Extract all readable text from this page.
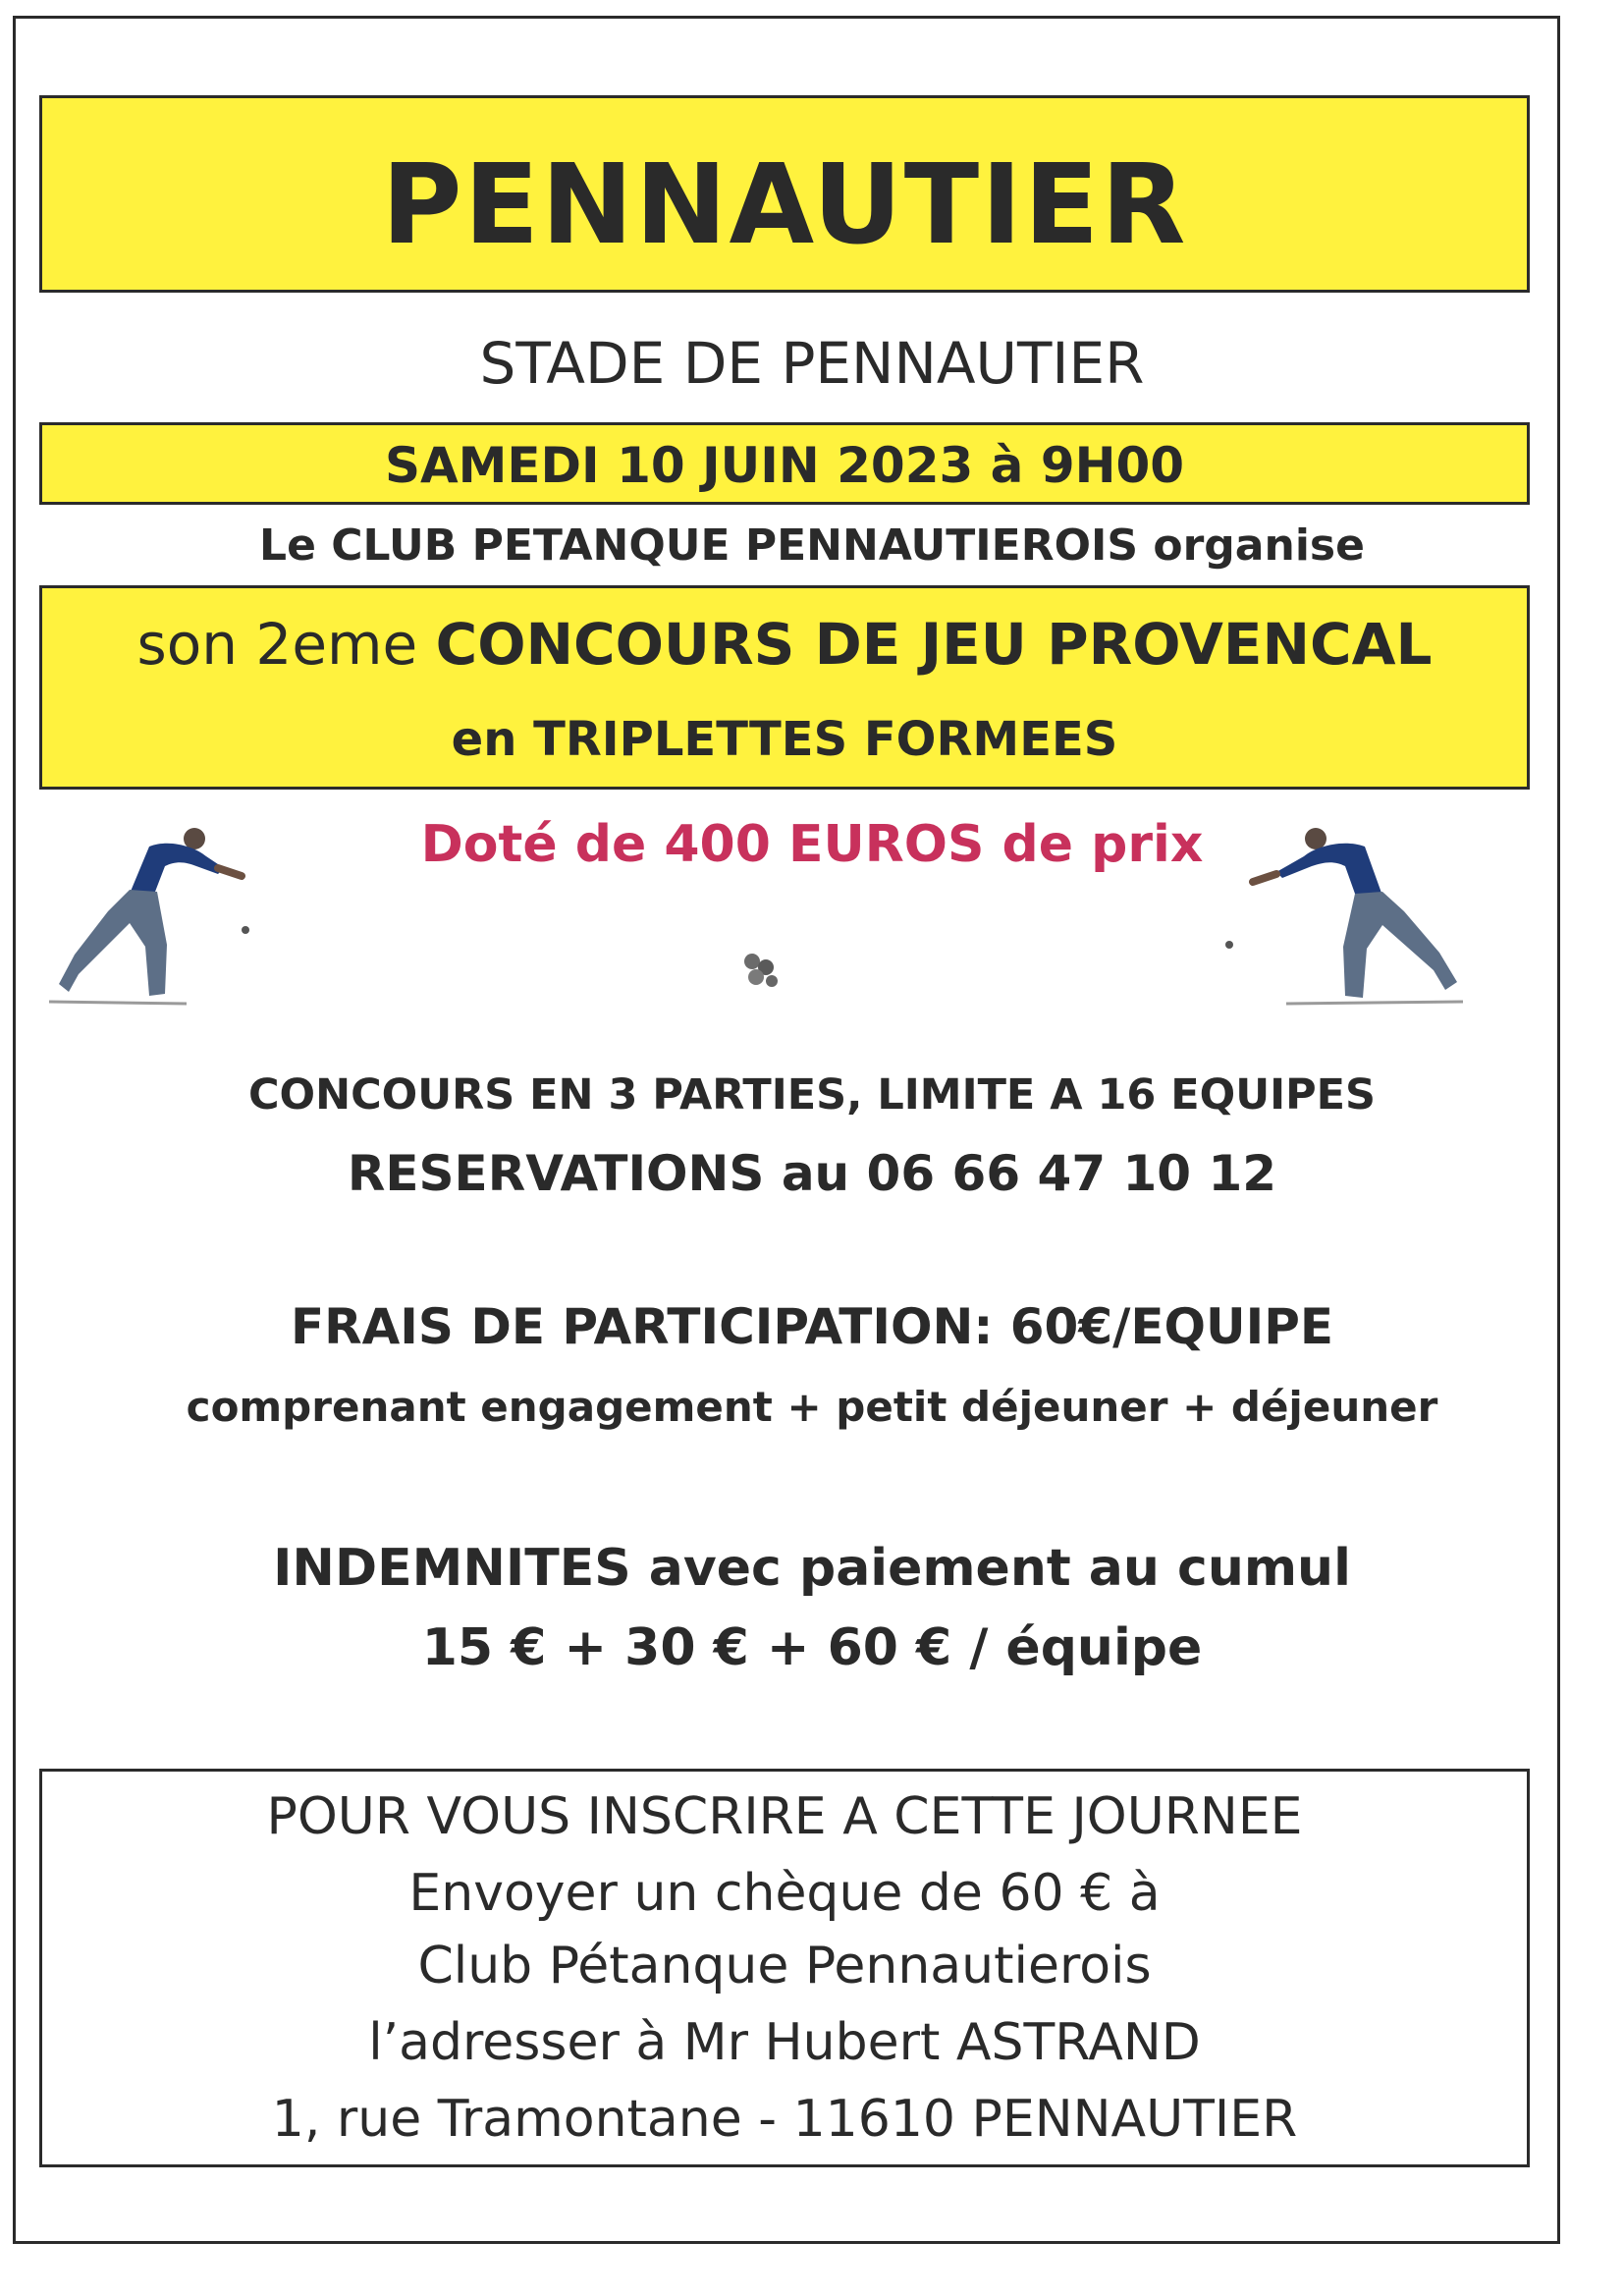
PENNAUTIER
STADE DE PENNAUTIER
SAMEDI 10 JUIN 2023 à 9H00
Le CLUB PETANQUE PENNAUTIEROIS organise
son 2eme CONCOURS DE JEU PROVENCAL
en TRIPLETTES FORMEES
Doté de 400 EUROS de prix
CONCOURS EN 3 PARTIES, LIMITE A 16 EQUIPES
RESERVATIONS au 06 66 47 10 12
FRAIS DE PARTICIPATION: 60€/EQUIPE
comprenant engagement + petit déjeuner + déjeuner
INDEMNITES avec paiement au cumul
15 € + 30 € + 60 € / équipe
POUR VOUS INSCRIRE A CETTE JOURNEE
Envoyer un chèque de 60 € à
Club Pétanque Pennautierois
l’adresser à Mr Hubert ASTRAND
1, rue Tramontane - 11610 PENNAUTIER
